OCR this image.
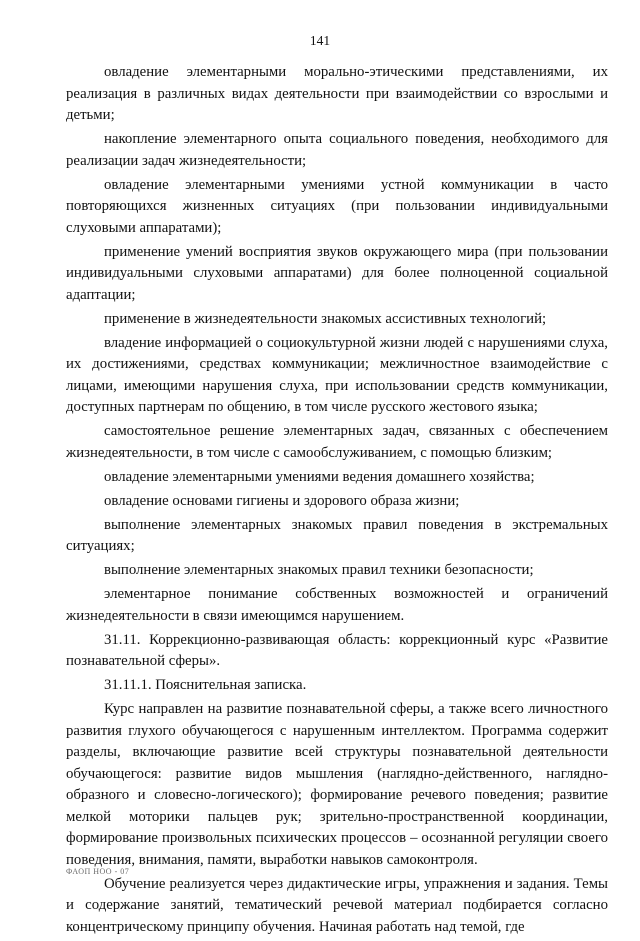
141

овладение элементарными морально-этическими представлениями, их реализация в различных видах деятельности при взаимодействии со взрослыми и детьми;

накопление элементарного опыта социального поведения, необходимого для реализации задач жизнедеятельности;

овладение элементарными умениями устной коммуникации в часто повторяющихся жизненных ситуациях (при пользовании индивидуальными слуховыми аппаратами);

применение умений восприятия звуков окружающего мира (при пользовании индивидуальными слуховыми аппаратами) для более полноценной социальной адаптации;

применение в жизнедеятельности знакомых ассистивных технологий;

владение информацией о социокультурной жизни людей с нарушениями слуха, их достижениями, средствах коммуникации; межличностное взаимодействие с лицами, имеющими нарушения слуха, при использовании средств коммуникации, доступных партнерам по общению, в том числе русского жестового языка;

самостоятельное решение элементарных задач, связанных с обеспечением жизнедеятельности, в том числе с самообслуживанием, с помощью близким;

овладение элементарными умениями ведения домашнего хозяйства;

овладение основами гигиены и здорового образа жизни;

выполнение элементарных знакомых правил поведения в экстремальных ситуациях;

выполнение элементарных знакомых правил техники безопасности;

элементарное понимание собственных возможностей и ограничений жизнедеятельности в связи имеющимся нарушением.

31.11. Коррекционно-развивающая область: коррекционный курс «Развитие познавательной сферы».

31.11.1. Пояснительная записка.

Курс направлен на развитие познавательной сферы, а также всего личностного развития глухого обучающегося с нарушенным интеллектом. Программа содержит разделы, включающие развитие всей структуры познавательной деятельности обучающегося: развитие видов мышления (наглядно-действенного, наглядно-образного и словесно-логического); формирование речевого поведения; развитие мелкой моторики пальцев рук; зрительно-пространственной координации, формирование произвольных психических процессов – осознанной регуляции своего поведения, внимания, памяти, выработки навыков самоконтроля.

Обучение реализуется через дидактические игры, упражнения и задания. Темы и содержание занятий, тематический речевой материал подбирается согласно концентрическому принципу обучения. Начиная работать над темой, где

ФАОП НОО - 07
